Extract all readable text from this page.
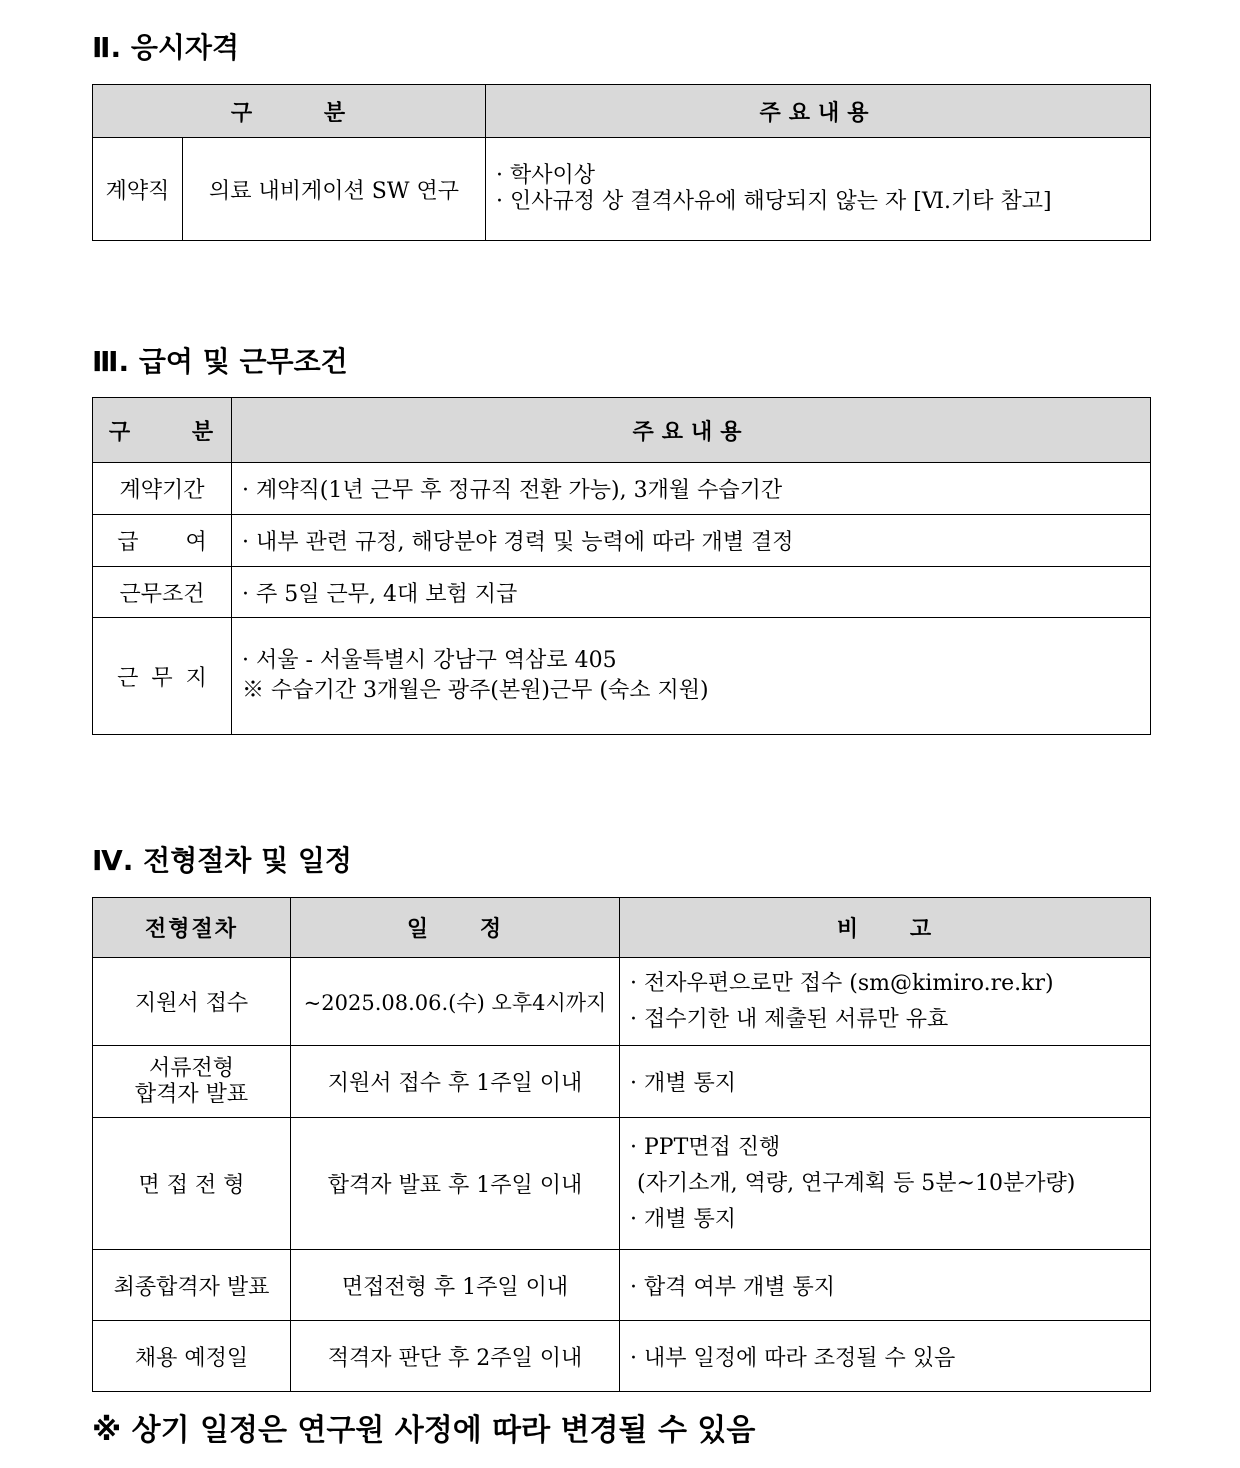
Ⅱ. 응시자격
구 분		주요내용
계약직	의료 내비게이션 SW 연구	· 학사이상
· 인사규정 상 결격사유에 해당되지 않는 자 [Ⅵ.기타 참고]
Ⅲ. 급여 및 근무조건
구 분	주요내용
계약기간	· 계약직(1년 근무 후 정규직 전환 가능), 3개월 수습기간
급 여	· 내부 관련 규정, 해당분야 경력 및 능력에 따라 개별 결정
근무조건	· 주 5일 근무, 4대 보험 지급
근 무 지	· 서울 - 서울특별시 강남구 역삼로 405
※ 수습기간 3개월은 광주(본원)근무 (숙소 지원)
Ⅳ. 전형절차 및 일정
전형절차	일 정	비 고
지원서 접수	~2025.08.06.(수) 오후4시까지	· 전자우편으로만 접수 (sm@kimiro.re.kr)
· 접수기한 내 제출된 서류만 유효

서류전형
합격자 발표	지원서 접수 후 1주일 이내	· 개별 통지
면 접 전 형	합격자 발표 후 1주일 이내	· PPT면접 진행
(자기소개, 역량, 연구계획 등 5분~10분가량)
· 개별 통지

최종합격자 발표	면접전형 후 1주일 이내	· 합격 여부 개별 통지
채용 예정일	적격자 판단 후 2주일 이내	· 내부 일정에 따라 조정될 수 있음

※ 상기 일정은 연구원 사정에 따라 변경될 수 있음
